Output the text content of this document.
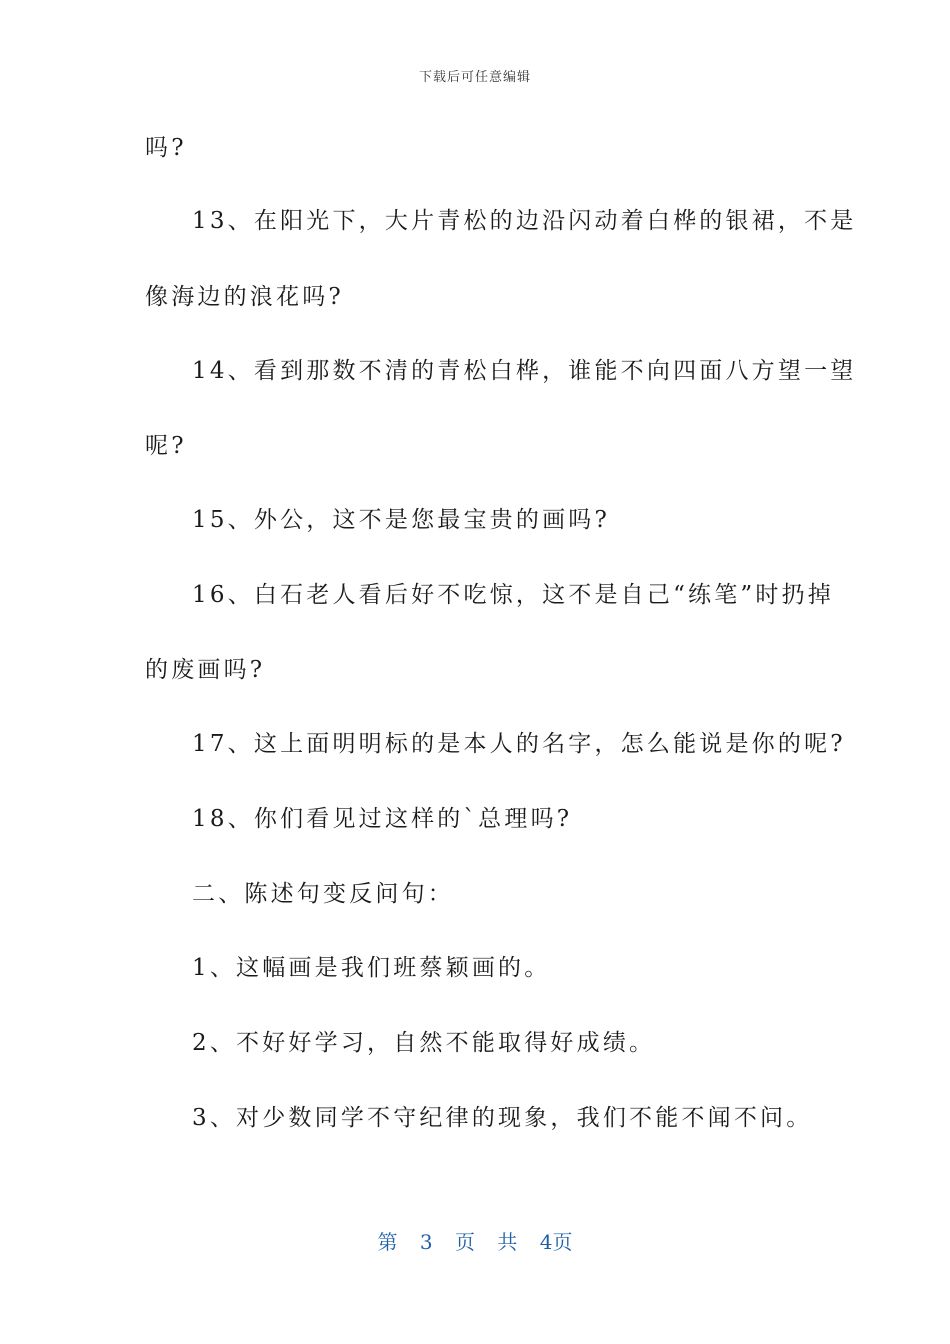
下载后可任意编辑
吗?
13、在阳光下，大片青松的边沿闪动着白桦的银裙，不是
像海边的浪花吗?
14、看到那数不清的青松白桦，谁能不向四面八方望一望
呢?
15、外公，这不是您最宝贵的画吗?
16、白石老人看后好不吃惊，这不是自己“练笔”时扔掉
的废画吗?
17、这上面明明标的是本人的名字，怎么能说是你的呢?
18、你们看见过这样的`总理吗?
二、陈述句变反问句：
1、这幅画是我们班蔡颖画的。
2、不好好学习，自然不能取得好成绩。
3、对少数同学不守纪律的现象，我们不能不闻不问。
第 3 页 共 4页
